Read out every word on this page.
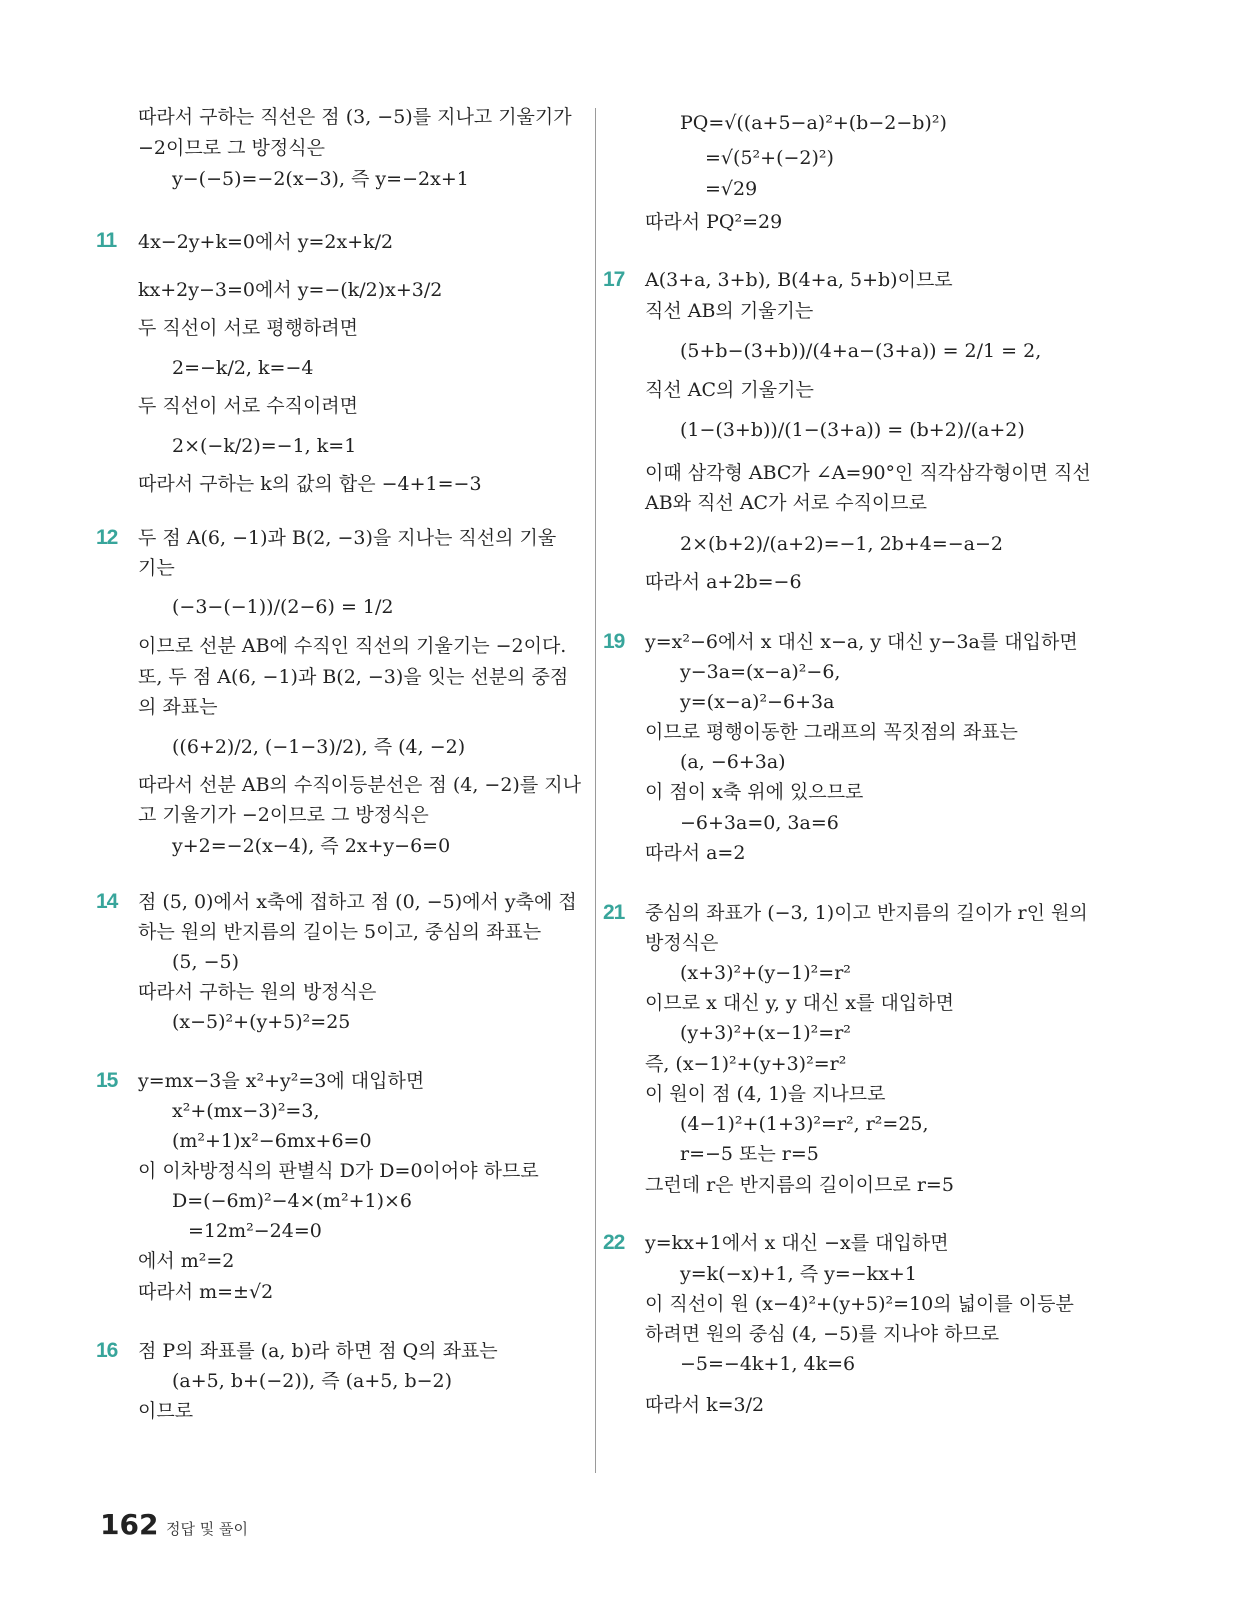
따라서 구하는 직선은 점 (3, −5)를 지나고 기울기가
−2이므로 그 방정식은
y−(−5)=−2(x−3), 즉 y=−2x+1
11 4x−2y+k=0에서 y=2x+k/2
kx+2y−3=0에서 y=−(k/2)x+3/2
두 직선이 서로 평행하려면
2=−k/2, k=−4
두 직선이 서로 수직이려면
2×(−k/2)=−1, k=1
따라서 구하는 k의 값의 합은 −4+1=−3
12 두 점 A(6, −1)과 B(2, −3)을 지나는 직선의 기울
기는
(−3−(−1))/(2−6) = 1/2
이므로 선분 AB에 수직인 직선의 기울기는 −2이다.
또, 두 점 A(6, −1)과 B(2, −3)을 잇는 선분의 중점
의 좌표는
((6+2)/2, (−1−3)/2), 즉 (4, −2)
따라서 선분 AB의 수직이등분선은 점 (4, −2)를 지나
고 기울기가 −2이므로 그 방정식은
y+2=−2(x−4), 즉 2x+y−6=0
14 점 (5, 0)에서 x축에 접하고 점 (0, −5)에서 y축에 접
하는 원의 반지름의 길이는 5이고, 중심의 좌표는
(5, −5)
따라서 구하는 원의 방정식은
(x−5)²+(y+5)²=25
15 y=mx−3을 x²+y²=3에 대입하면
x²+(mx−3)²=3,
(m²+1)x²−6mx+6=0
이 이차방정식의 판별식 D가 D=0이어야 하므로
D=(−6m)²−4×(m²+1)×6
=12m²−24=0
에서 m²=2
따라서 m=±√2
16 점 P의 좌표를 (a, b)라 하면 점 Q의 좌표는
(a+5, b+(−2)), 즉 (a+5, b−2)
이므로
PQ=√((a+5−a)²+(b−2−b)²)
=√(5²+(−2)²)
=√29
따라서 PQ²=29
17 A(3+a, 3+b), B(4+a, 5+b)이므로
직선 AB의 기울기는
(5+b−(3+b))/(4+a−(3+a)) = 2/1 = 2,
직선 AC의 기울기는
(1−(3+b))/(1−(3+a)) = (b+2)/(a+2)
이때 삼각형 ABC가 ∠A=90°인 직각삼각형이면 직선
AB와 직선 AC가 서로 수직이므로
2×(b+2)/(a+2)=−1, 2b+4=−a−2
따라서 a+2b=−6
19 y=x²−6에서 x 대신 x−a, y 대신 y−3a를 대입하면
y−3a=(x−a)²−6,
y=(x−a)²−6+3a
이므로 평행이동한 그래프의 꼭짓점의 좌표는
(a, −6+3a)
이 점이 x축 위에 있으므로
−6+3a=0, 3a=6
따라서 a=2
21 중심의 좌표가 (−3, 1)이고 반지름의 길이가 r인 원의
방정식은
(x+3)²+(y−1)²=r²
이므로 x 대신 y, y 대신 x를 대입하면
(y+3)²+(x−1)²=r²
즉, (x−1)²+(y+3)²=r²
이 원이 점 (4, 1)을 지나므로
(4−1)²+(1+3)²=r², r²=25,
r=−5 또는 r=5
그런데 r은 반지름의 길이이므로 r=5
22 y=kx+1에서 x 대신 −x를 대입하면
y=k(−x)+1, 즉 y=−kx+1
이 직선이 원 (x−4)²+(y+5)²=10의 넓이를 이등분
하려면 원의 중심 (4, −5)를 지나야 하므로
−5=−4k+1, 4k=6
따라서 k=3/2
162 정답 및 풀이
